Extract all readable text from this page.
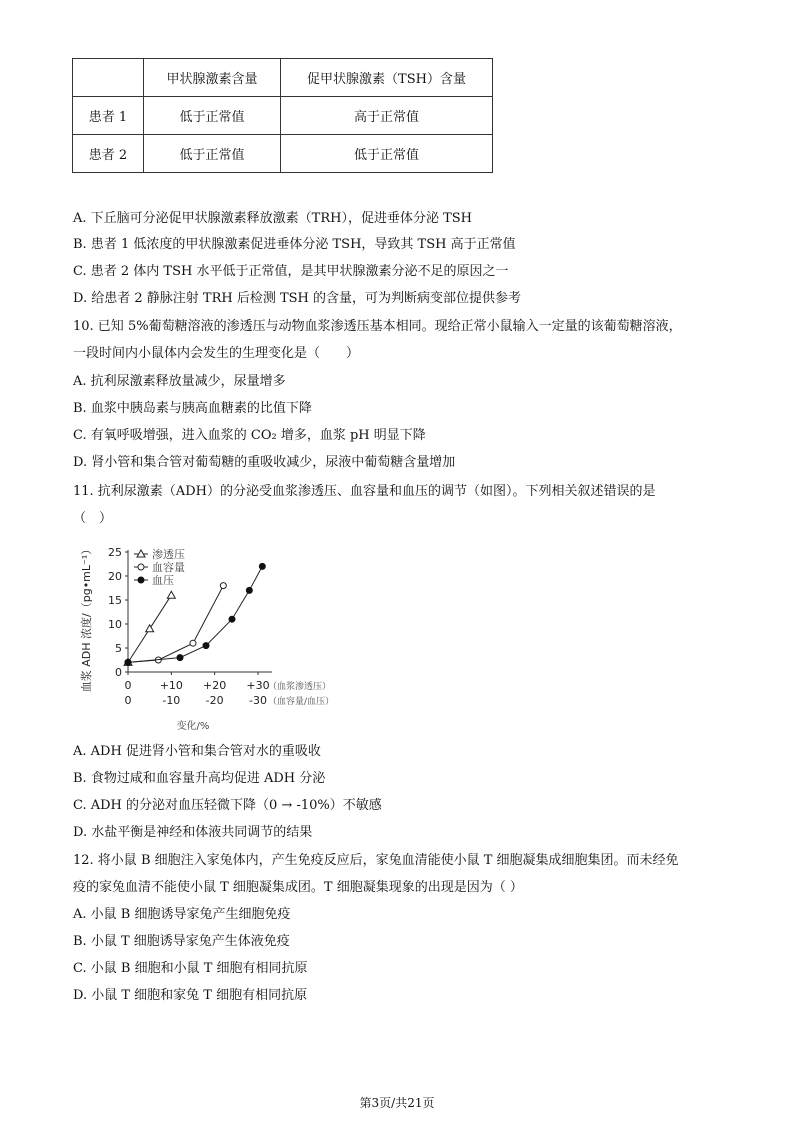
	甲状腺激素含量	促甲状腺激素（TSH）含量
患者 1	低于正常值	高于正常值
患者 2	低于正常值	低于正常值
A. 下丘脑可分泌促甲状腺激素释放激素（TRH），促进垂体分泌 TSH
B. 患者 1 低浓度的甲状腺激素促进垂体分泌 TSH，导致其 TSH 高于正常值
C. 患者 2 体内 TSH 水平低于正常值，是其甲状腺激素分泌不足的原因之一
D. 给患者 2 静脉注射 TRH 后检测 TSH 的含量，可为判断病变部位提供参考
10. 已知 5%葡萄糖溶液的渗透压与动物血浆渗透压基本相同。现给正常小鼠输入一定量的该葡萄糖溶液，
一段时间内小鼠体内会发生的生理变化是（　　）
A. 抗利尿激素释放量减少，尿量增多
B. 血浆中胰岛素与胰高血糖素的比值下降
C. 有氧呼吸增强，进入血浆的 CO₂ 增多，血浆 pH 明显下降
D. 肾小管和集合管对葡萄糖的重吸收减少，尿液中葡萄糖含量增加
11. 抗利尿激素（ADH）的分泌受血浆渗透压、血容量和血压的调节（如图）。下列相关叙述错误的是
（　）
0
5
10
15
20
25
0	+10 +20 +30
0	-10 -20 -30
（血浆渗透压）
（血容量/血压）
变化/%
血浆 ADH 浓度/（pg•mL⁻¹）	渗透压
血容量
血压
A. ADH 促进肾小管和集合管对水的重吸收
B. 食物过咸和血容量升高均促进 ADH 分泌
C. ADH 的分泌对血压轻微下降（0 → -10%）不敏感
D. 水盐平衡是神经和体液共同调节的结果
12. 将小鼠 B 细胞注入家兔体内，产生免疫反应后，家兔血清能使小鼠 T 细胞凝集成细胞集团。而未经免
疫的家兔血清不能使小鼠 T 细胞凝集成团。T 细胞凝集现象的出现是因为（ ）
A. 小鼠 B 细胞诱导家兔产生细胞免疫
B. 小鼠 T 细胞诱导家兔产生体液免疫
C. 小鼠 B 细胞和小鼠 T 细胞有相同抗原
D. 小鼠 T 细胞和家兔 T 细胞有相同抗原
第3页/共21页
